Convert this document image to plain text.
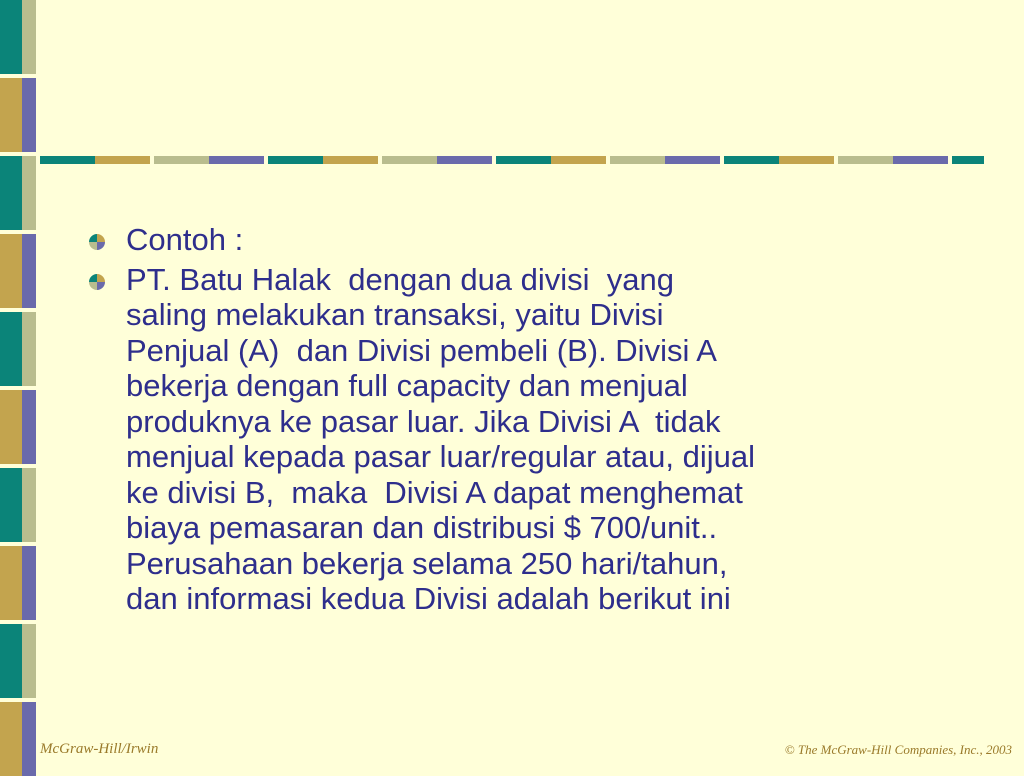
Contoh :
PT. Batu Halak  dengan dua divisi  yang
saling melakukan transaksi, yaitu Divisi
Penjual (A)  dan Divisi pembeli (B). Divisi A
bekerja dengan full capacity dan menjual
produknya ke pasar luar. Jika Divisi A  tidak
menjual kepada pasar luar/regular atau, dijual
ke divisi B,  maka  Divisi A dapat menghemat
biaya pemasaran dan distribusi $ 700/unit..
Perusahaan bekerja selama 250 hari/tahun,
dan informasi kedua Divisi adalah berikut ini
McGraw-Hill/Irwin	© The McGraw-Hill Companies, Inc., 2003
